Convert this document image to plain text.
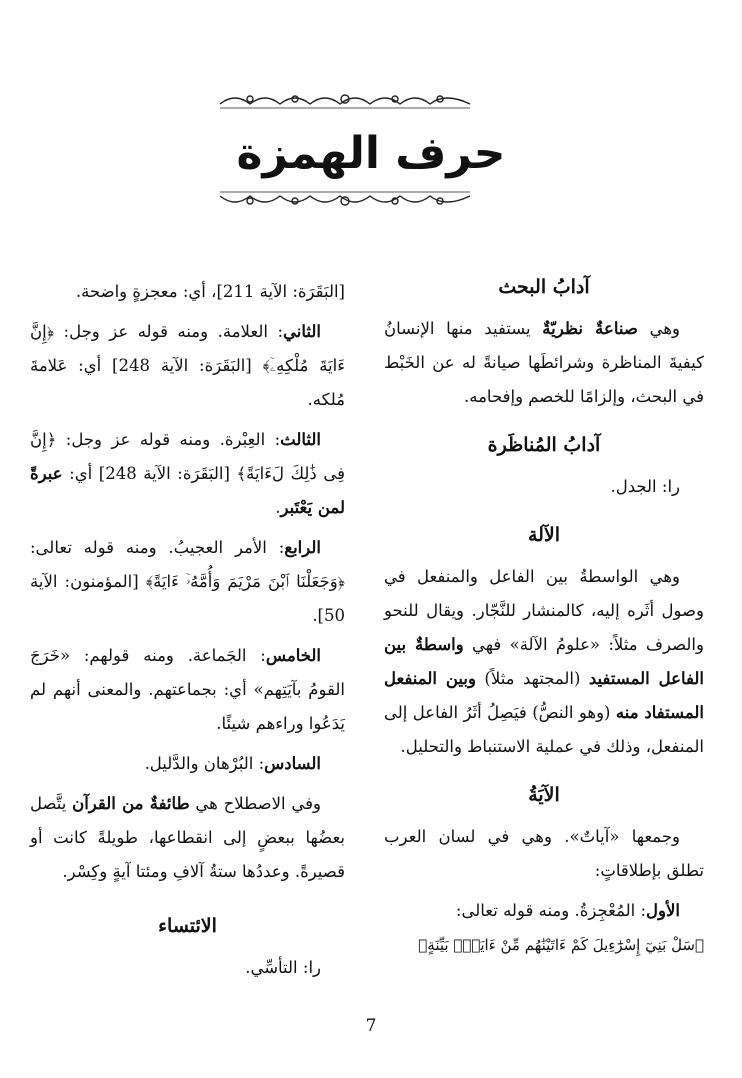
حرف الهمزة
آدابُ البحث

وهي صناعةٌ نظريّةٌ يستفيد منها الإنسانُ كيفيةَ المناظرة وشرائطَها صيانةً له عن الخَبْط في البحث، وإلزامًا للخصم وإفحامه.

آدابُ المُناظَرة

را: الجدل.

الآلة

وهي الواسطةُ بين الفاعل والمنفعل في وصول أثَره إليه، كالمنشار للنَّجّار. ويقال للنحو والصرف مثلاً: «علومُ الآلة» فهي واسطةٌ بين الفاعل المستفيد (المجتهد مثلاً) وبين المنفعل المستفاد منه (وهو النصُّ) فيَصِلُ أثَرُ الفاعل إلى المنفعل، وذلك في عملية الاستنباط والتحليل.

الآيَةُ

وجمعها «آياتٌ». وهي في لسان العرب تطلق بإطلاقاتٍ:

الأول: المُعْجِزةُ. ومنه قوله تعالى:

﴿سَلْ بَنِيٓ إِسْرَٰٓءِيلَ كَمْ ءَاتَيْنَٰهُم مِّنْ ءَايَةٍۭ بَيِّنَةٍ﴾

[البَقَرَة: الآية 211]، أي: معجزةٍ واضحة.

الثاني: العلامة. ومنه قوله عز وجل: ﴿إِنَّ ءَايَةَ مُلْكِهِۦٓ﴾ [البَقَرَة: الآية 248] أي: عَلامةَ مُلكه.

الثالث: العِبْرة. ومنه قوله عز وجل: ﴿إِنَّ فِى ذَٰلِكَ لَءَايَةً﴾ [البَقَرَة: الآية 248] أي: عبرةً لمن يَعْتَبر.

الرابع: الأمر العجيبُ. ومنه قوله تعالى: ﴿وَجَعَلْنَا ٱبْنَ مَرْيَمَ وَأُمَّهُۥٓ ءَايَةً﴾ [المؤمنون: الآية 50].

الخامس: الجَماعة. ومنه قولهم: «خَرَجَ القومُ بآيَتِهم» أي: بجماعتهم. والمعنى أنهم لم يَدَعُوا وراءهم شيئًا.

السادس: البُرْهان والدَّليل.

وفي الاصطلاح هي طائفةٌ من القرآن يتَّصل بعضُها ببعضٍ إلى انقطاعها، طويلةً كانت أو قصيرةً. وعددُها ستةُ آلافِ ومئتا آيةٍ وكِسْر.

الائتساء

را: التأسِّي.

7
